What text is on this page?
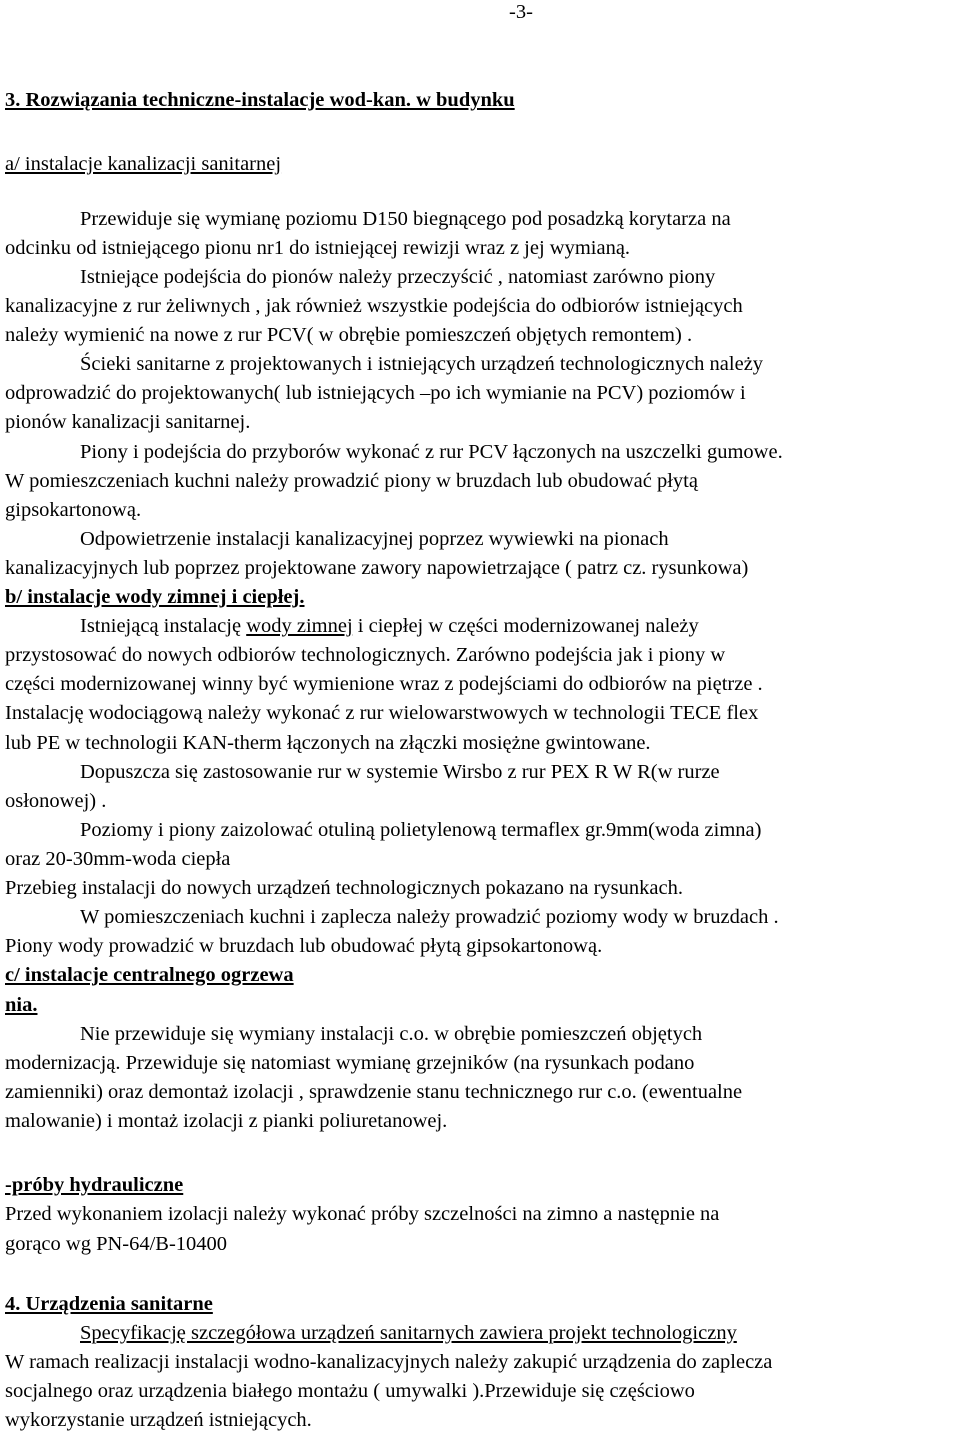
-3-
3. Rozwiązania techniczne-instalacje wod-kan. w budynku
a/ instalacje kanalizacji sanitarnej
Przewiduje się wymianę poziomu D150 biegnącego pod posadzką korytarza na
odcinku od istniejącego pionu nr1 do istniejącej rewizji wraz z jej wymianą.
Istniejące podejścia do pionów należy przeczyścić , natomiast zarówno piony
kanalizacyjne z rur żeliwnych , jak również wszystkie podejścia do odbiorów istniejących
należy wymienić na nowe z rur PCV( w obrębie pomieszczeń objętych remontem) .
Ścieki sanitarne z projektowanych i istniejących urządzeń technologicznych należy
odprowadzić do projektowanych( lub istniejących –po ich wymianie na PCV) poziomów i
pionów kanalizacji sanitarnej.
Piony i podejścia do przyborów wykonać z rur PCV łączonych na uszczelki gumowe.
W pomieszczeniach kuchni należy prowadzić piony w bruzdach lub obudować płytą
gipsokartonową.
Odpowietrzenie instalacji kanalizacyjnej poprzez wywiewki na pionach
kanalizacyjnych lub poprzez projektowane zawory napowietrzające ( patrz cz. rysunkowa)
b/ instalacje wody zimnej i ciepłej.
Istniejącą instalację wody zimnej i ciepłej w części modernizowanej należy
przystosować do nowych odbiorów technologicznych. Zarówno podejścia jak i piony w
części modernizowanej winny być wymienione wraz z podejściami do odbiorów na piętrze .
Instalację wodociągową należy wykonać z rur wielowarstwowych w technologii TECE flex
lub PE w technologii KAN-therm łączonych na złączki mosiężne gwintowane.
Dopuszcza się zastosowanie rur w systemie Wirsbo z rur PEX R W R(w rurze
osłonowej) .
Poziomy i piony zaizolować otuliną polietylenową termaflex gr.9mm(woda zimna)
oraz 20-30mm-woda ciepła
Przebieg instalacji do nowych urządzeń technologicznych pokazano na rysunkach.
W pomieszczeniach kuchni i zaplecza należy prowadzić poziomy wody w bruzdach .
Piony wody prowadzić w bruzdach lub obudować płytą gipsokartonową.
c/ instalacje centralnego ogrzewa
nia.
Nie przewiduje się wymiany instalacji c.o. w obrębie pomieszczeń objętych
modernizacją. Przewiduje się natomiast wymianę grzejników (na rysunkach podano
zamienniki) oraz demontaż izolacji , sprawdzenie stanu technicznego rur c.o. (ewentualne
malowanie) i montaż izolacji z pianki poliuretanowej.
-próby hydrauliczne
Przed wykonaniem izolacji należy wykonać próby szczelności na zimno a następnie na
gorąco wg PN-64/B-10400
4. Urządzenia sanitarne
Specyfikację szczegółowa urządzeń sanitarnych zawiera projekt technologiczny
W ramach realizacji instalacji wodno-kanalizacyjnych należy zakupić urządzenia do zaplecza
socjalnego oraz urządzenia białego montażu ( umywalki ).Przewiduje się częściowo
wykorzystanie urządzeń istniejących.
